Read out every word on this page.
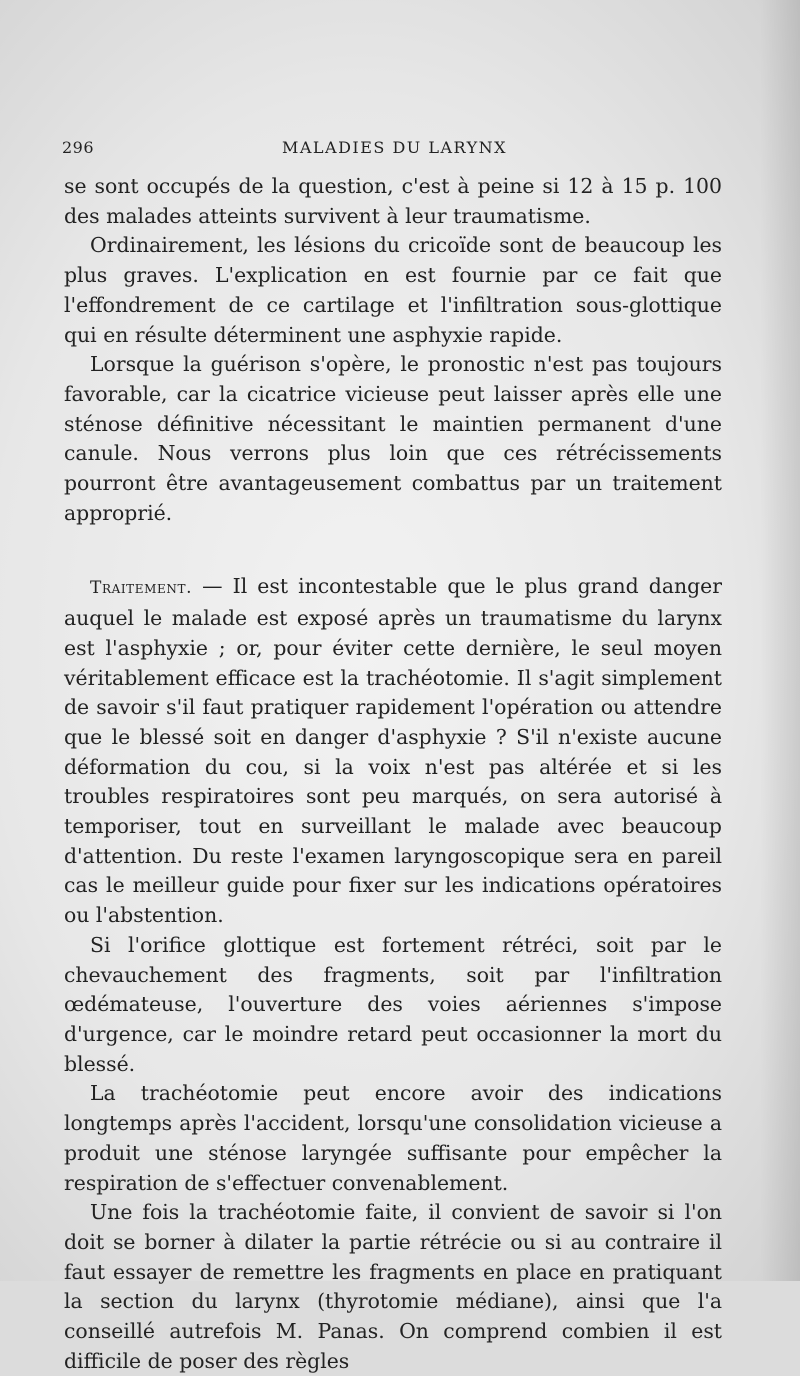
296	MALADIES DU LARYNX

se sont occupés de la question, c'est à peine si 12 à 15 p. 100 des malades atteints survivent à leur traumatisme.

Ordinairement, les lésions du cricoïde sont de beaucoup les plus graves. L'explication en est fournie par ce fait que l'effondrement de ce cartilage et l'infiltration sous-glottique qui en résulte déterminent une asphyxie rapide.

Lorsque la guérison s'opère, le pronostic n'est pas toujours favorable, car la cicatrice vicieuse peut laisser après elle une sténose définitive nécessitant le maintien permanent d'une canule. Nous verrons plus loin que ces rétrécissements pourront être avantageusement combattus par un traitement approprié.

Traitement. — Il est incontestable que le plus grand danger auquel le malade est exposé après un traumatisme du larynx est l'asphyxie ; or, pour éviter cette dernière, le seul moyen véritablement efficace est la trachéotomie. Il s'agit simplement de savoir s'il faut pratiquer rapidement l'opération ou attendre que le blessé soit en danger d'asphyxie ? S'il n'existe aucune déformation du cou, si la voix n'est pas altérée et si les troubles respiratoires sont peu marqués, on sera autorisé à temporiser, tout en surveillant le malade avec beaucoup d'attention. Du reste l'examen laryngoscopique sera en pareil cas le meilleur guide pour fixer sur les indications opératoires ou l'abstention.

Si l'orifice glottique est fortement rétréci, soit par le chevauchement des fragments, soit par l'infiltration œdémateuse, l'ouverture des voies aériennes s'impose d'urgence, car le moindre retard peut occasionner la mort du blessé.

La trachéotomie peut encore avoir des indications longtemps après l'accident, lorsqu'une consolidation vicieuse a produit une sténose laryngée suffisante pour empêcher la respiration de s'effectuer convenablement.

Une fois la trachéotomie faite, il convient de savoir si l'on doit se borner à dilater la partie rétrécie ou si au contraire il faut essayer de remettre les fragments en place en pratiquant la section du larynx (thyrotomie médiane), ainsi que l'a conseillé autrefois M. Panas. On comprend combien il est difficile de poser des règles
